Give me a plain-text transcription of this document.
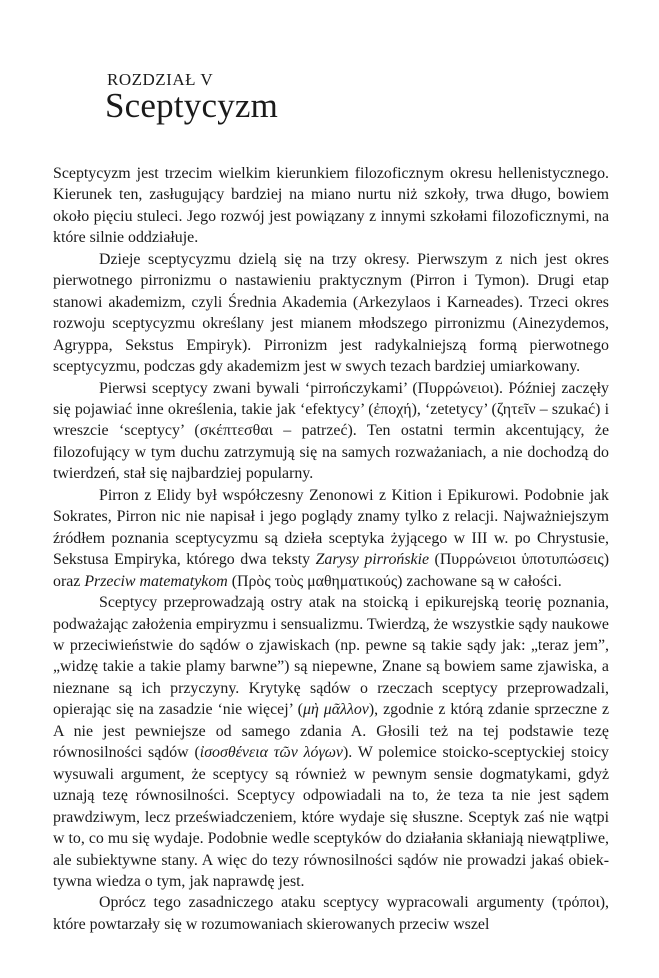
ROZDZIAŁ V
Sceptycyzm

Sceptycyzm jest trzecim wielkim kierunkiem filozoficznym okresu hellenistycznego. Kierunek ten, zasługujący bardziej na miano nurtu niż szkoły, trwa długo, bowiem około pięciu stuleci. Jego rozwój jest powiązany z innymi szkołami filozoficznymi, na które silnie oddziałuje.

Dzieje sceptycyzmu dzielą się na trzy okresy. Pierwszym z nich jest okres pierwotnego pirronizmu o nastawieniu praktycznym (Pirron i Tymon). Drugi etap stanowi akademizm, czyli Średnia Akademia (Arkezylaos i Karneades). Trzeci okres rozwoju sceptycyzmu określany jest mianem młodszego pirronizmu (Ainezydemos, Agryppa, Sekstus Empiryk). Pirronizm jest radykalniejszą formą pierwotnego sceptycyzmu, podczas gdy akademizm jest w swych tezach bardziej umiarkowany.

Pierwsi sceptycy zwani bywali ‘pirrończykami’ (Πυρρώνειοι). Później zaczęły się pojawiać inne określenia, takie jak ‘efektycy’ (ἐποχή), ‘zetetycy’ (ζητεῖν – szukać) i wreszcie ‘sceptycy’ (σκέπτεσθαι – patrzeć). Ten ostatni termin akcentujący, że filozofujący w tym duchu zatrzymują się na samych rozważaniach, a nie dochodzą do twierdzeń, stał się najbardziej popularny.

Pirron z Elidy był współczesny Zenonowi z Kition i Epikurowi. Podobnie jak Sokrates, Pirron nic nie napisał i jego poglądy znamy tylko z relacji. Najważniejszym źródłem poznania sceptycyzmu są dzieła sceptyka żyjącego w III w. po Chrystusie, Sekstusa Empiryka, którego dwa teksty Zarysy pirrońskie (Πυρρώνειοι ὑποτυπώσεις) oraz Przeciw matematykom (Πρὸς τοὺς μαθηματικούς) zachowane są w całości.

Sceptycy przeprowadzają ostry atak na stoicką i epikurejską teorię poznania, podważając założenia empiryzmu i sensualizmu. Twierdzą, że wszystkie sądy naukowe w przeciwieństwie do sądów o zjawiskach (np. pewne są takie sądy jak: „teraz jem”, „widzę takie a takie plamy barwne”) są niepewne, Znane są bowiem same zjawiska, a nieznane są ich przyczyny. Krytykę sądów o rzeczach sceptycy przeprowadzali, opierając się na zasadzie ‘nie więcej’ (μὴ μᾶλλον), zgodnie z którą zdanie sprzeczne z A nie jest pewniejsze od samego zdania A. Głosili też na tej podstawie tezę równosilności sądów (ἰσοσθένεια τῶν λόγων). W polemice stoicko-sceptyckiej stoicy wysuwali argument, że sceptycy są również w pewnym sensie dogmatykami, gdyż uznają tezę równosilności. Sceptycy odpowiadali na to, że teza ta nie jest sądem prawdziwym, lecz przeświadczeniem, które wydaje się słuszne. Sceptyk zaś nie wątpi w to, co mu się wydaje. Podobnie wedle sceptyków do działania skłaniają niewątpliwe, ale subiektywne stany. A więc do tezy równosilności sądów nie prowadzi jakaś obiektywna wiedza o tym, jak naprawdę jest.

Oprócz tego zasadniczego ataku sceptycy wypracowali argumenty (τρόποι), które powtarzały się w rozumowaniach skierowanych przeciw wszel
